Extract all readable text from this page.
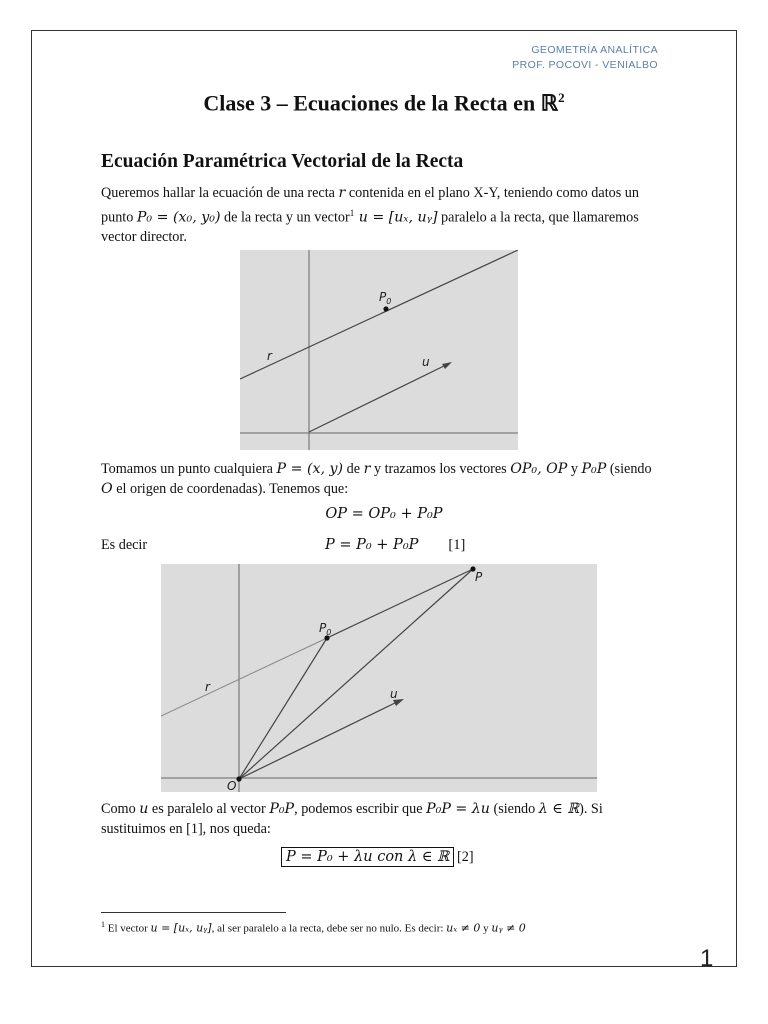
GEOMETRÍA ANALÍTICA
PROF. POCOVI - VENIALBO
Clase 3 – Ecuaciones de la Recta en ℝ$^2$
Ecuación Paramétrica Vectorial de la Recta
Queremos hallar la ecuación de una recta r contenida en el plano X-Y, teniendo como datos un punto P₀ = (x₀, y₀) de la recta y un vector$^1$ u = [uₓ, uᵧ] paralelo a la recta, que llamaremos vector director.
$P_0$
r	u
Tomamos un punto cualquiera P = (x, y) de r y trazamos los vectores OP₀, OP y P₀P (siendo O el origen de coordenadas). Tenemos que:
OP = OP₀ + P₀P
Es decir	P = P₀ + P₀P [1]
$P_0$
P
r	u
O
Como u es paralelo al vector P₀P, podemos escribir que P₀P = λu (siendo λ ∈ ℝ). Si sustituimos en [1], nos queda:
P = P₀ + λu con λ ∈ ℝ [2]
$^1$ El vector u = [uₓ, uᵧ], al ser paralelo a la recta, debe ser no nulo. Es decir: uₓ ≠ 0 y uᵧ ≠ 0
1
